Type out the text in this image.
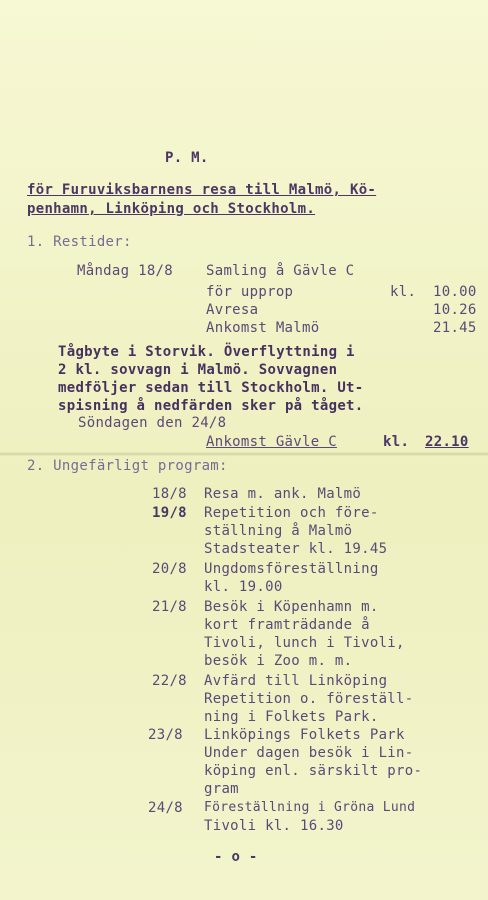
P. M.
för Furuviksbarnens resa till Malmö, Kö-
penhamn, Linköping och Stockholm.
1. Restider:
Måndag 18/8 Samling å Gävle C
för upprop	kl. 10.00
Avresa	10.26
Ankomst Malmö	21.45
Tågbyte i Storvik. Överflyttning i
2 kl. sovvagn i Malmö. Sovvagnen
medföljer sedan till Stockholm. Ut-
spisning å nedfärden sker på tåget.
Söndagen den 24/8
Ankomst Gävle C	kl. 22.10
2. Ungefärligt program:
18/8 Resa m. ank. Malmö
19/8 Repetition och före-
ställning å Malmö
Stadsteater kl. 19.45
20/8 Ungdomsföreställning
kl. 19.00
21/8 Besök i Köpenhamn m.
kort framträdande å
Tivoli, lunch i Tivoli,
besök i Zoo m. m.
22/8 Avfärd till Linköping
Repetition o. föreställ-
ning i Folkets Park.
23/8 Linköpings Folkets Park
Under dagen besök i Lin-
köping enl. särskilt pro-
gram
24/8 Föreställning i Gröna Lund
Tivoli kl. 16.30
- o -
